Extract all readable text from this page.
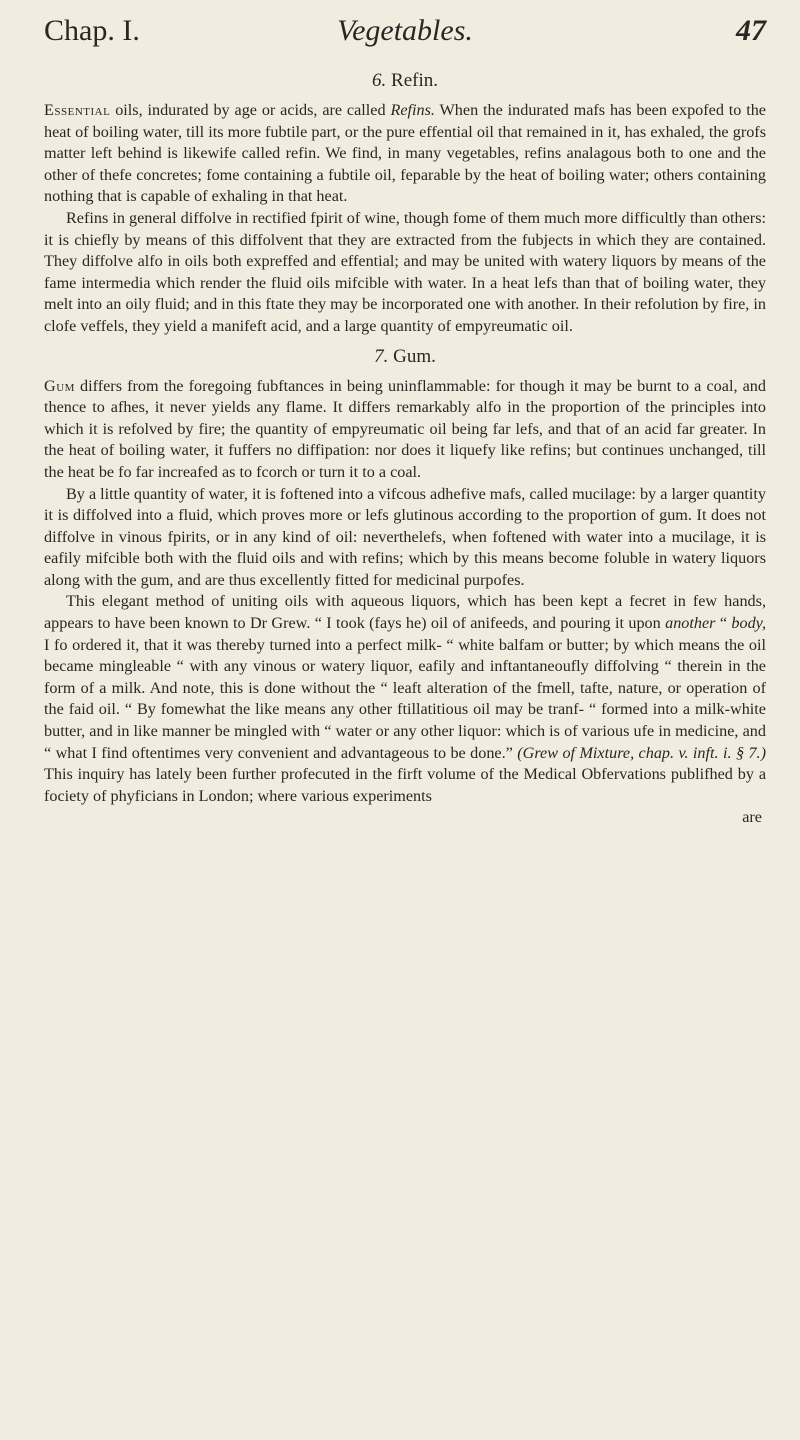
Chap. I.	Vegetables.	47
6. Refin.

Essential oils, indurated by age or acids, are called Refins. When the indurated mafs has been expofed to the heat of boiling water, till its more fubtile part, or the pure effential oil that remained in it, has exhaled, the grofs matter left behind is likewife called refin. We find, in many vegetables, refins analagous both to one and the other of thefe concretes; fome containing a fubtile oil, feparable by the heat of boiling water; others containing nothing that is capable of exhaling in that heat.

Refins in general diffolve in rectified fpirit of wine, though fome of them much more difficultly than others: it is chiefly by means of this diffolvent that they are extracted from the fubjects in which they are contained. They diffolve alfo in oils both expreffed and effential; and may be united with watery liquors by means of the fame intermedia which render the fluid oils mifcible with water. In a heat lefs than that of boiling water, they melt into an oily fluid; and in this ftate they may be incorporated one with another. In their refolution by fire, in clofe veffels, they yield a manifeft acid, and a large quantity of empyreumatic oil.

7. Gum.

Gum differs from the foregoing fubftances in being uninflammable: for though it may be burnt to a coal, and thence to afhes, it never yields any flame. It differs remarkably alfo in the proportion of the principles into which it is refolved by fire; the quantity of empyreumatic oil being far lefs, and that of an acid far greater. In the heat of boiling water, it fuffers no diffipation: nor does it liquefy like refins; but continues unchanged, till the heat be fo far increafed as to fcorch or turn it to a coal.

By a little quantity of water, it is foftened into a vifcous adhefive mafs, called mucilage: by a larger quantity it is diffolved into a fluid, which proves more or lefs glutinous according to the proportion of gum. It does not diffolve in vinous fpirits, or in any kind of oil: neverthelefs, when foftened with water into a mucilage, it is eafily mifcible both with the fluid oils and with refins; which by this means become foluble in watery liquors along with the gum, and are thus excellently fitted for medicinal purpofes.

This elegant method of uniting oils with aqueous liquors, which has been kept a fecret in few hands, appears to have been known to Dr Grew. “ I took (fays he) oil of anifeeds, and pouring it upon another “ body, I fo ordered it, that it was thereby turned into a perfect milk- “ white balfam or butter; by which means the oil became mingleable “ with any vinous or watery liquor, eafily and inftantaneoufly diffolving “ therein in the form of a milk. And note, this is done without the “ leaft alteration of the fmell, tafte, nature, or operation of the faid oil. “ By fomewhat the like means any other ftillatitious oil may be tranf- “ formed into a milk-white butter, and in like manner be mingled with “ water or any other liquor: which is of various ufe in medicine, and “ what I find oftentimes very convenient and advantageous to be done.” (Grew of Mixture, chap. v. inft. i. § 7.) This inquiry has lately been further profecuted in the firft volume of the Medical Obfervations publifhed by a fociety of phyficians in London; where various experiments

are
